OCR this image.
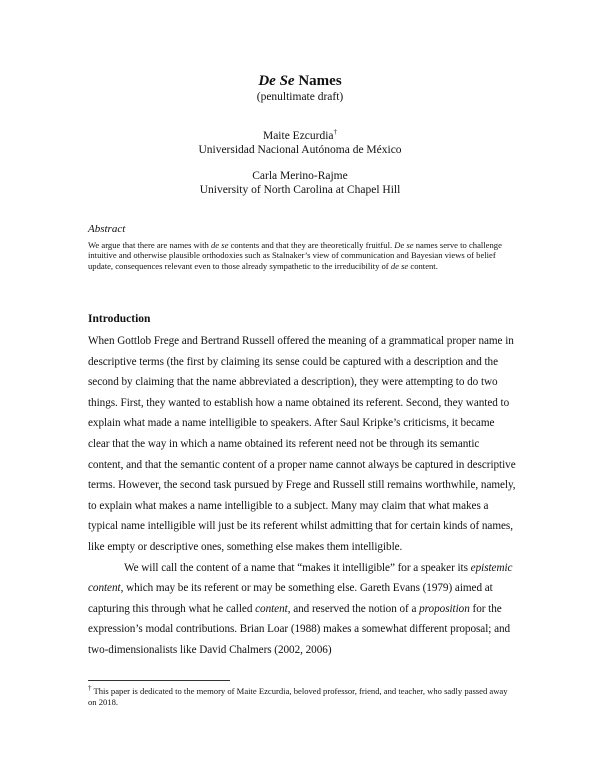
De Se Names
(penultimate draft)
Maite Ezcurdia†
Universidad Nacional Autónoma de México
Carla Merino-Rajme
University of North Carolina at Chapel Hill
Abstract
We argue that there are names with de se contents and that they are theoretically fruitful. De se names serve to challenge intuitive and otherwise plausible orthodoxies such as Stalnaker’s view of communication and Bayesian views of belief update, consequences relevant even to those already sympathetic to the irreducibility of de se content.
Introduction

When Gottlob Frege and Bertrand Russell offered the meaning of a grammatical proper name in descriptive terms (the first by claiming its sense could be captured with a description and the second by claiming that the name abbreviated a description), they were attempting to do two things. First, they wanted to establish how a name obtained its referent. Second, they wanted to explain what made a name intelligible to speakers. After Saul Kripke’s criticisms, it became clear that the way in which a name obtained its referent need not be through its semantic content, and that the semantic content of a proper name cannot always be captured in descriptive terms. However, the second task pursued by Frege and Russell still remains worthwhile, namely, to explain what makes a name intelligible to a subject. Many may claim that what makes a typical name intelligible will just be its referent whilst admitting that for certain kinds of names, like empty or descriptive ones, something else makes them intelligible.

We will call the content of a name that “makes it intelligible” for a speaker its epistemic content, which may be its referent or may be something else. Gareth Evans (1979) aimed at capturing this through what he called content, and reserved the notion of a proposition for the expression’s modal contributions. Brian Loar (1988) makes a somewhat different proposal; and two-dimensionalists like David Chalmers (2002, 2006)

† This paper is dedicated to the memory of Maite Ezcurdia, beloved professor, friend, and teacher, who sadly passed away on 2018.
